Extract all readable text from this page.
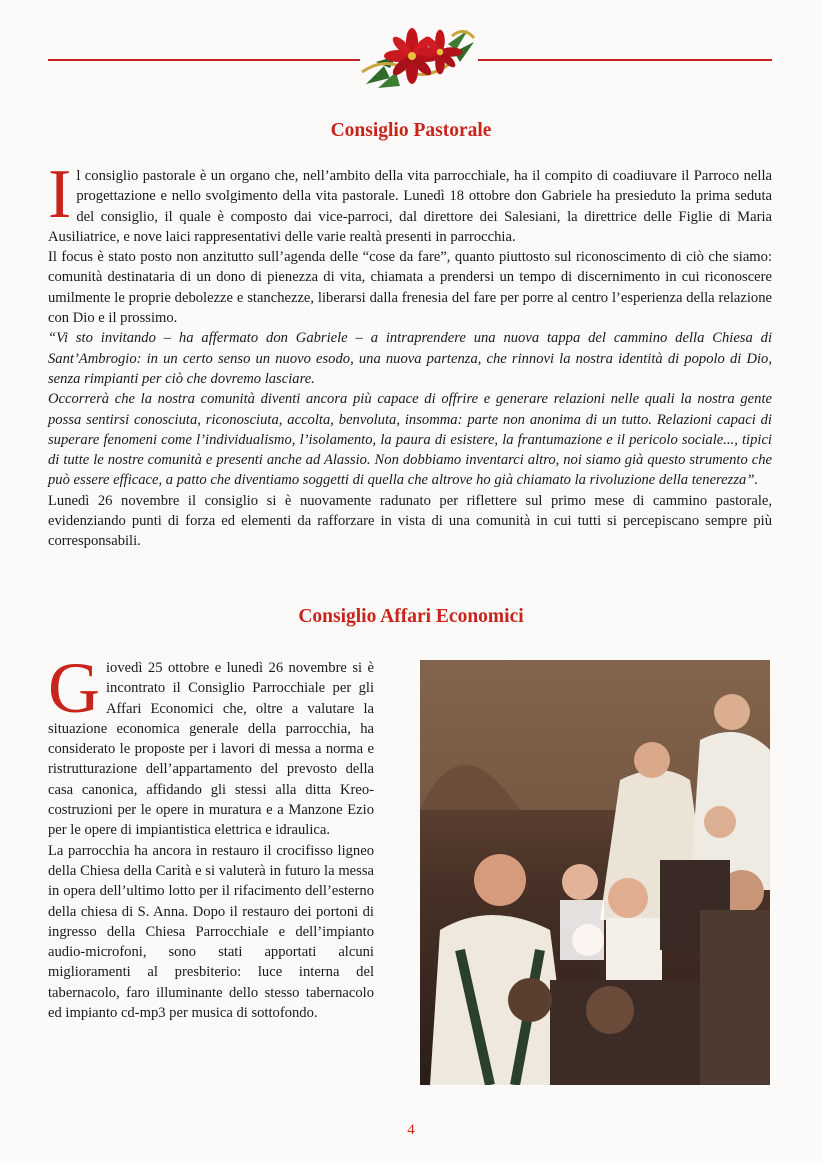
Consiglio Pastorale

Il consiglio pastorale è un organo che, nell’ambito della vita parrocchiale, ha il compito di coadiuvare il Parroco nella progettazione e nello svolgimento della vita pastorale. Lunedì 18 ottobre don Gabriele ha presieduto la prima seduta del consiglio, il quale è composto dai vice-parroci, dal direttore dei Salesiani, la direttrice delle Figlie di Maria Ausiliatrice, e nove laici rappresentativi delle varie realtà presenti in parrocchia.

Il focus è stato posto non anzitutto sull’agenda delle “cose da fare”, quanto piuttosto sul riconoscimento di ciò che siamo: comunità destinataria di un dono di pienezza di vita, chiamata a prendersi un tempo di discernimento in cui riconoscere umilmente le proprie debolezze e stanchezze, liberarsi dalla frenesia del fare per porre al centro l’esperienza della relazione con Dio e il prossimo.

“Vi sto invitando – ha affermato don Gabriele – a intraprendere una nuova tappa del cammino della Chiesa di Sant’Ambrogio: in un certo senso un nuovo esodo, una nuova partenza, che rinnovi la nostra identità di popolo di Dio, senza rimpianti per ciò che dovremo lasciare.

Occorrerà che la nostra comunità diventi ancora più capace di offrire e generare relazioni nelle quali la nostra gente possa sentirsi conosciuta, riconosciuta, accolta, benvoluta, insomma: parte non anonima di un tutto. Relazioni capaci di superare fenomeni come l’individualismo, l’isolamento, la paura di esistere, la frantumazione e il pericolo sociale..., tipici di tutte le nostre comunità e presenti anche ad Alassio. Non dobbiamo inventarci altro, noi siamo già questo strumento che può essere efficace, a patto che diventiamo soggetti di quella che altrove ho già chiamato la rivoluzione della tenerezza”.

Lunedì 26 novembre il consiglio si è nuovamente radunato per riflettere sul primo mese di cammino pastorale, evidenziando punti di forza ed elementi da rafforzare in vista di una comunità in cui tutti si percepiscano sempre più corresponsabili.

Consiglio Affari Economici

Giovedì 25 ottobre e lunedì 26 novembre si è incontrato il Consiglio Parrocchiale per gli Affari Economici che, oltre a valutare la situazione economica generale della parrocchia, ha considerato le proposte per i lavori di messa a norma e ristrutturazione dell’appartamento del prevosto della casa canonica, affidando gli stessi alla ditta Kreo-costruzioni per le opere in muratura e a Manzone Ezio per le opere di impiantistica elettrica e idraulica.

La parrocchia ha ancora in restauro il crocifisso ligneo della Chiesa della Carità e si valuterà in futuro la messa in opera dell’ultimo lotto per il rifacimento dell’esterno della chiesa di S. Anna. Dopo il restauro dei portoni di ingresso della Chiesa Parrocchiale e dell’impianto audio-microfoni, sono stati apportati alcuni miglioramenti al presbiterio: luce interna del tabernacolo, faro illuminante dello stesso tabernacolo ed impianto cd-mp3 per musica di sottofondo.

4
